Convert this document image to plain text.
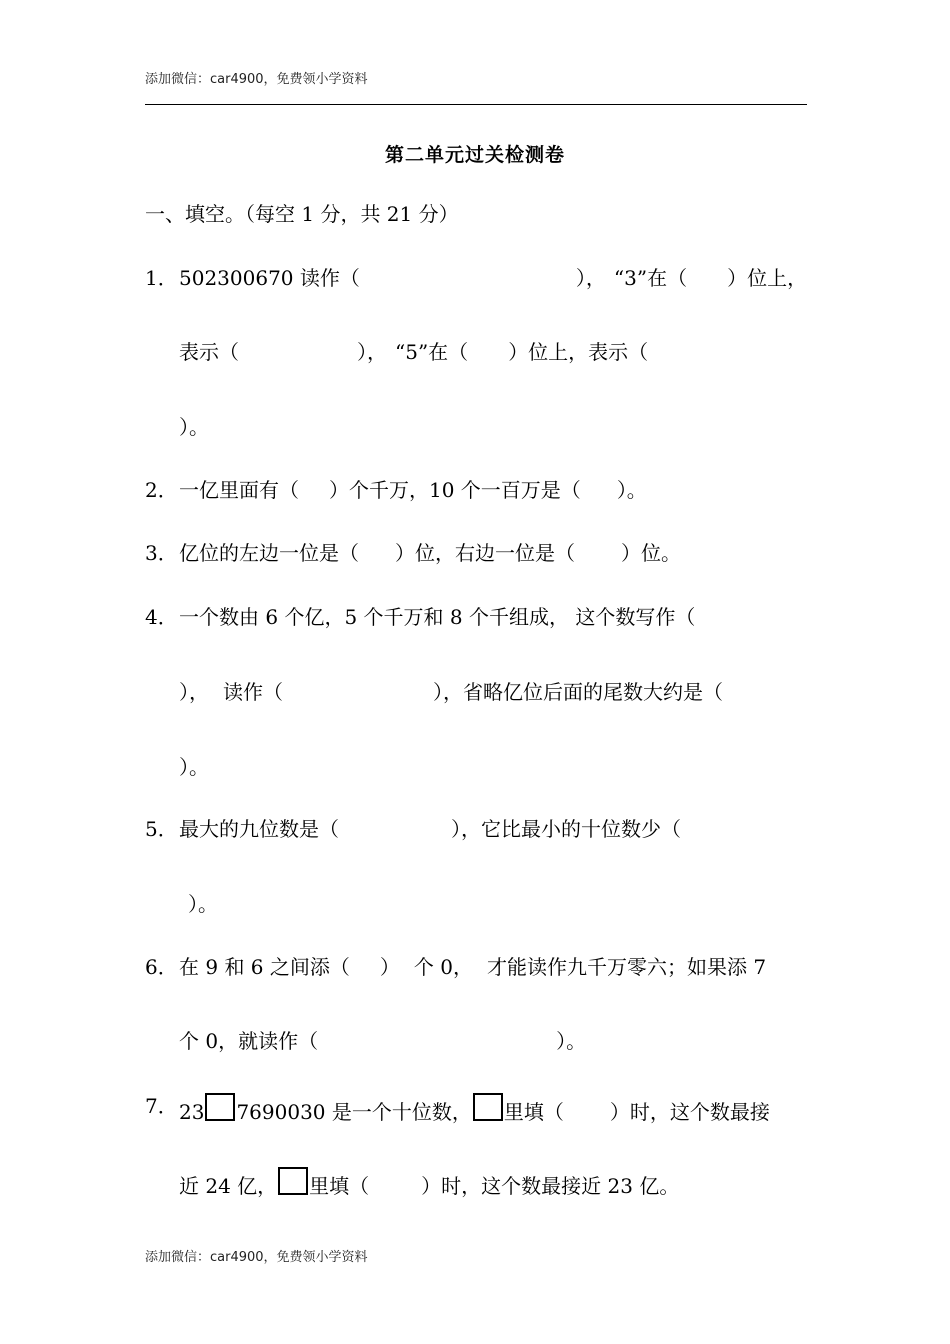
添加微信：car4900，免费领小学资料
第二单元过关检测卷
一、填空。（每空 1 分，共 21 分）
1． 502300670 读作（	）， “3”在（ ）位上，
表示（	）， “5”在（ ）位上，表示（
）。
2． 一亿里面有（ ）个千万，10 个一百万是（ ）。
3． 亿位的左边一位是（ ）位，右边一位是（ ）位。
4． 一个数由 6 个亿，5 个千万和 8 个千组成， 这个数写作（
）， 读作（	），省略亿位后面的尾数大约是（
）。
5． 最大的九位数是（	），它比最小的十位数少（
）。
6． 在 9 和 6 之间添（ ） 个 0， 才能读作九千万零六；如果添 7
个 0，就读作（	）。
7． 23 7690030 是一个十位数， 里填（ ）时，这个数最接
近 24 亿， 里填（	）时，这个数最接近 23 亿。
添加微信：car4900，免费领小学资料
